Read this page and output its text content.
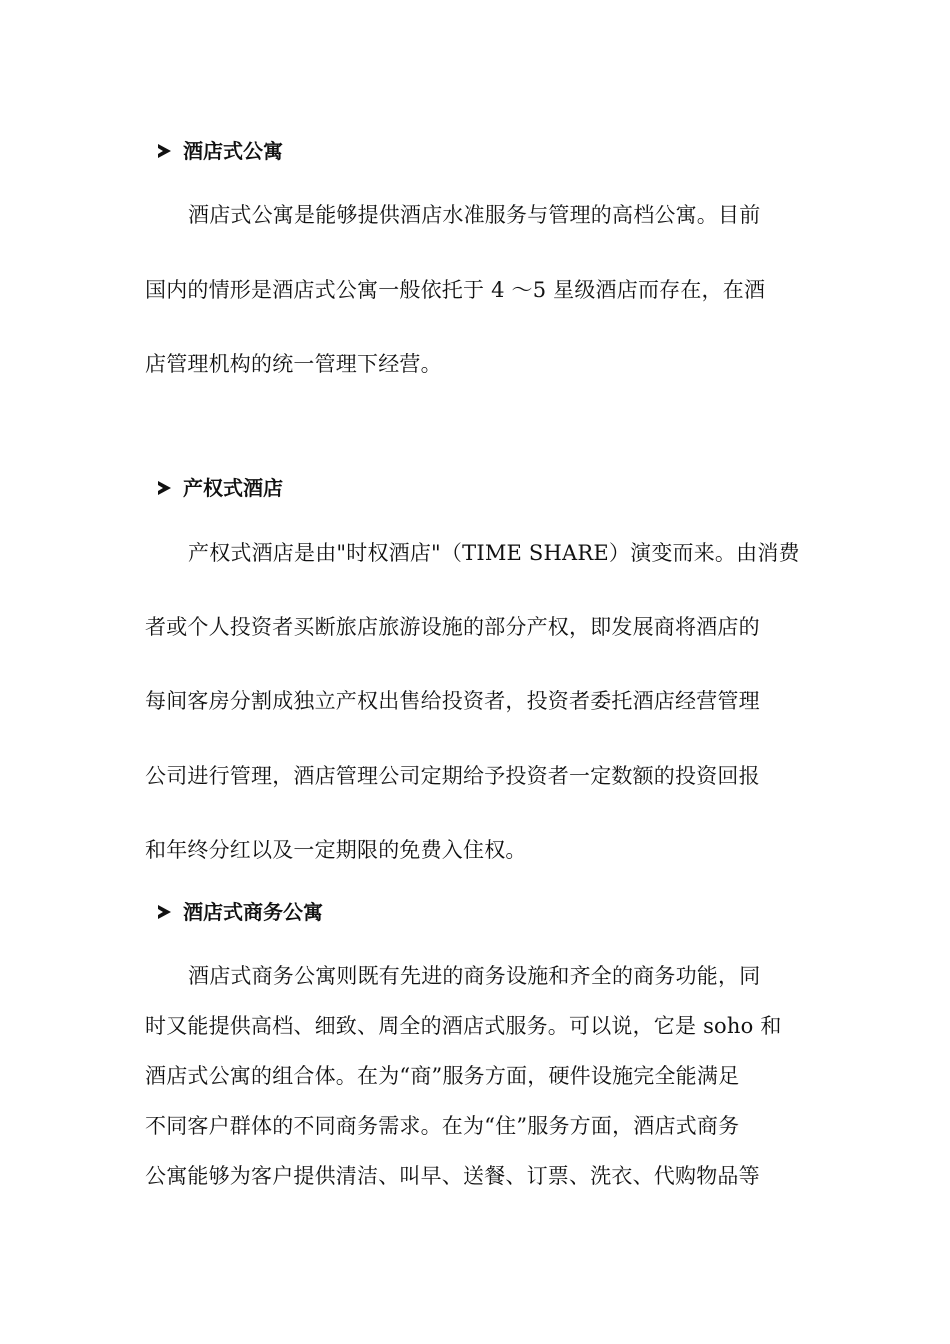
酒店式公寓
酒店式公寓是能够提供酒店水准服务与管理的高档公寓。目前
国内的情形是酒店式公寓一般依托于 4 ～5 星级酒店而存在，在酒
店管理机构的统一管理下经营。
产权式酒店
产权式酒店是由"时权酒店"（TIME SHARE）演变而来。由消费
者或个人投资者买断旅店旅游设施的部分产权，即发展商将酒店的
每间客房分割成独立产权出售给投资者，投资者委托酒店经营管理
公司进行管理，酒店管理公司定期给予投资者一定数额的投资回报
和年终分红以及一定期限的免费入住权。
酒店式商务公寓
酒店式商务公寓则既有先进的商务设施和齐全的商务功能，同
时又能提供高档、细致、周全的酒店式服务。可以说，它是 soho 和
酒店式公寓的组合体。在为“商”服务方面，硬件设施完全能满足
不同客户群体的不同商务需求。在为“住”服务方面，酒店式商务
公寓能够为客户提供清洁、叫早、送餐、订票、洗衣、代购物品等
